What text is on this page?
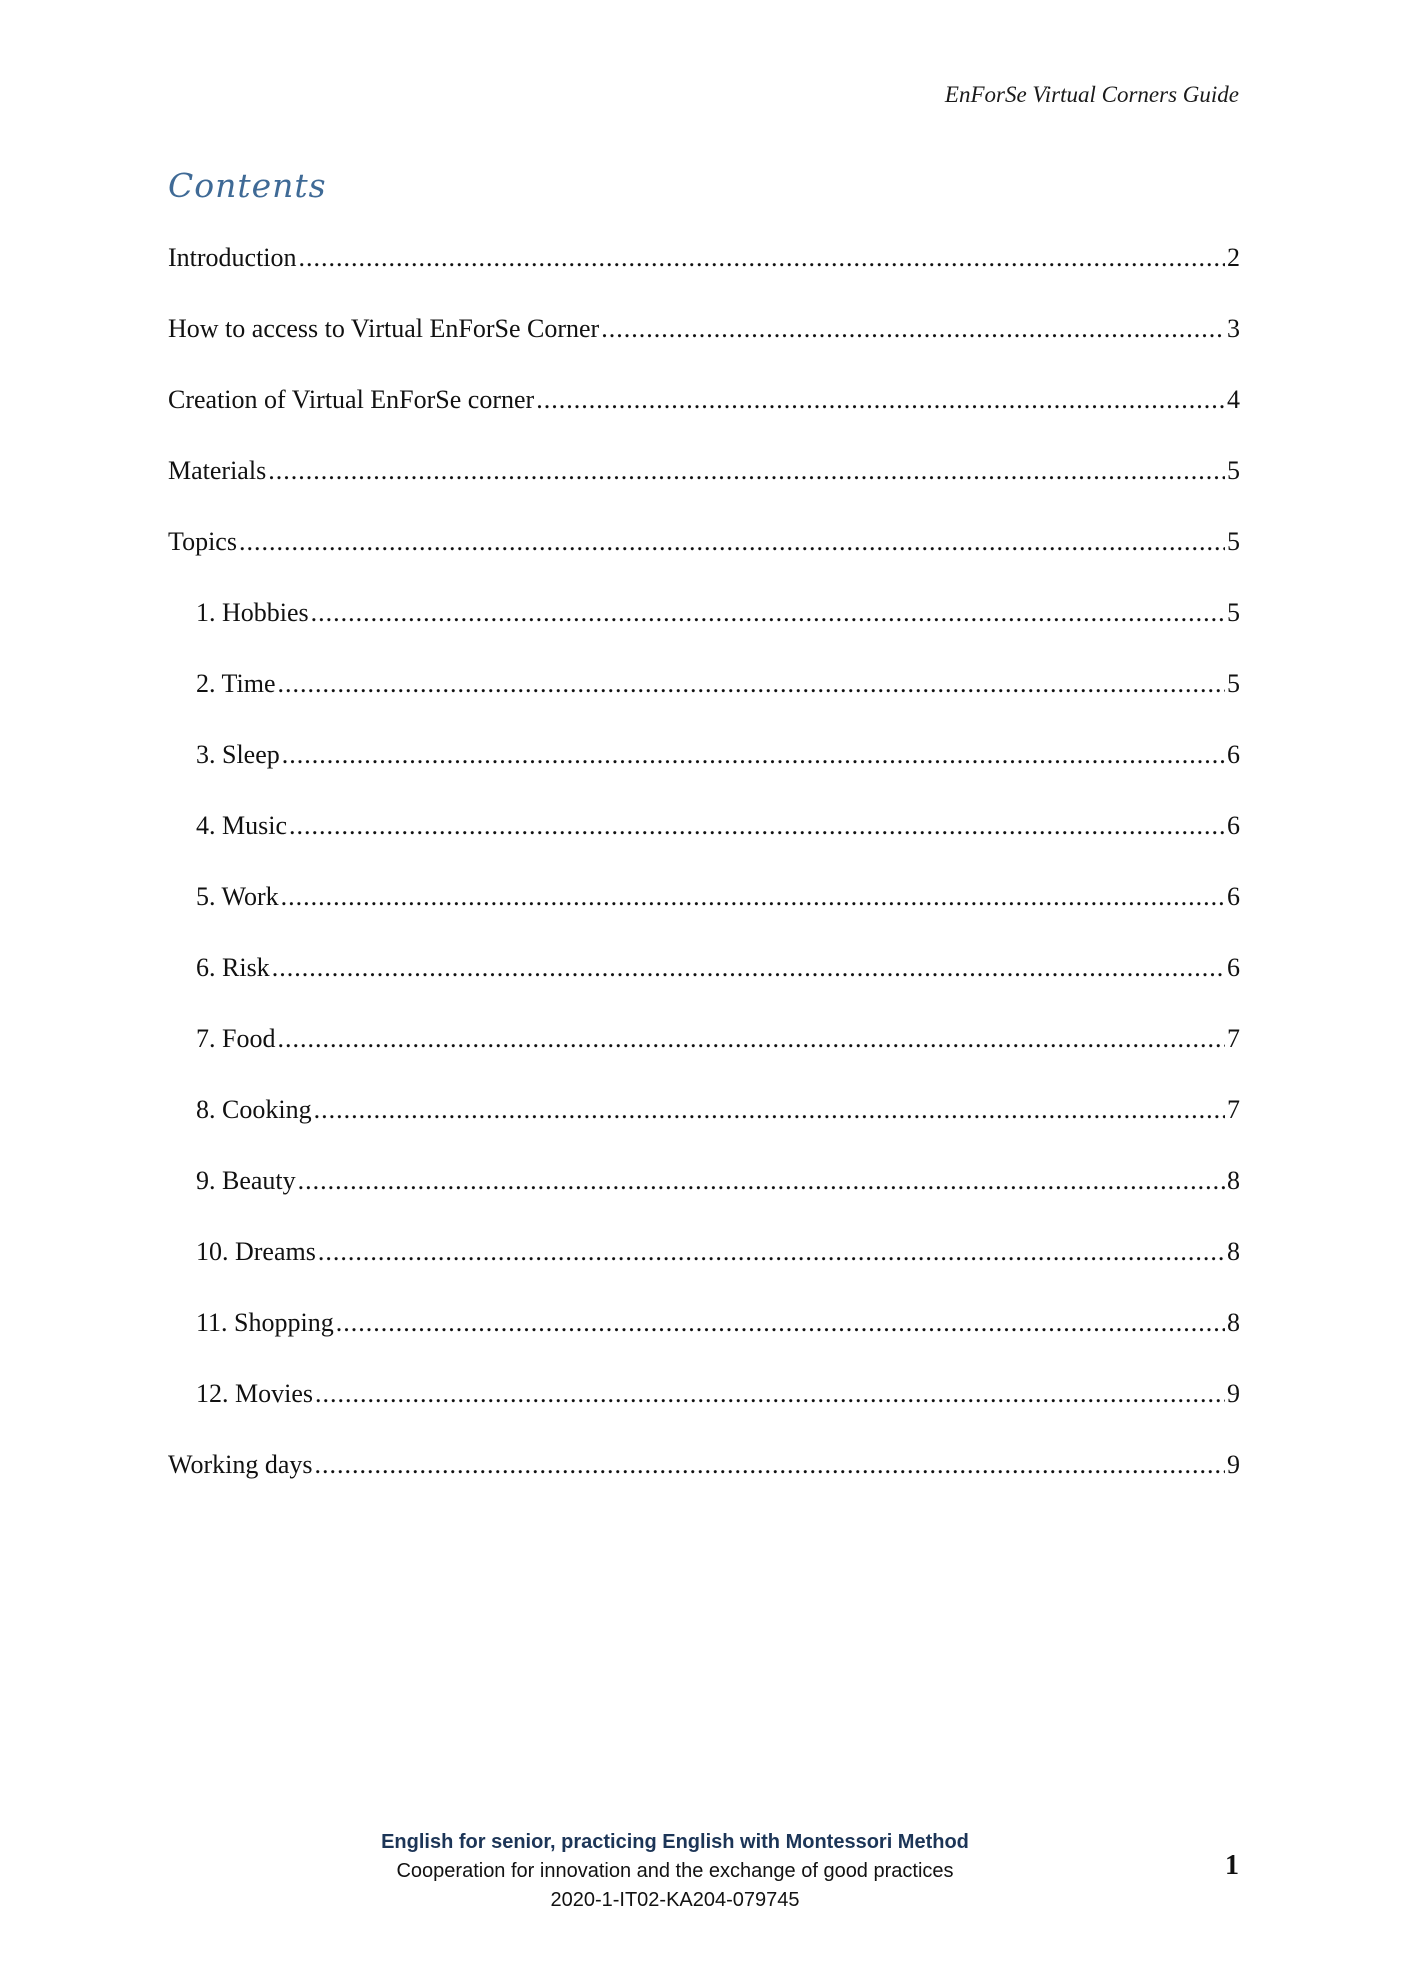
EnForSe Virtual Corners Guide
Contents
Introduction .....	2
How to access to Virtual EnForSe Corner .....	3
Creation of Virtual EnForSe corner .....	4
Materials .....	5
Topics .....	5
1. Hobbies .....	5
2. Time .....	5
3. Sleep .....	6
4. Music .....	6
5. Work .....	6
6. Risk .....	6
7. Food .....	7
8. Cooking .....	7
9. Beauty .....	8
10. Dreams .....	8
11. Shopping .....	8
12. Movies .....	9
Working days .....	9
English for senior, practicing English with Montessori Method
Cooperation for innovation and the exchange of good practices
2020-1-IT02-KA204-079745
1
